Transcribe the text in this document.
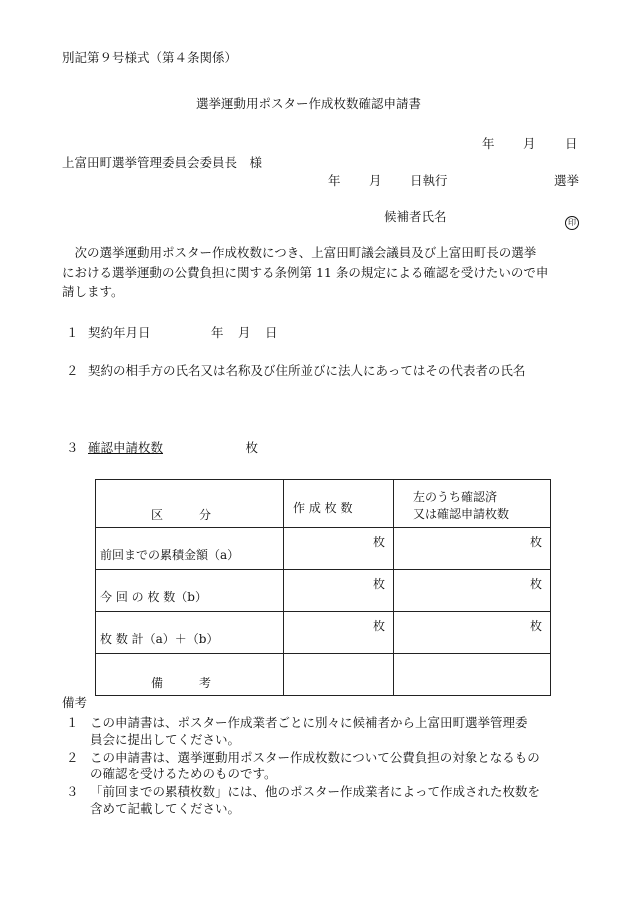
別記第９号様式（第４条関係）
選挙運動用ポスター作成枚数確認申請書
年 月 日
上富田町選挙管理委員会委員長　様
年 月 日執行	選挙
候補者氏名	印
　次の選挙運動用ポスター作成枚数につき、上富田町議会議員及び上富田町長の選挙
における選挙運動の公費負担に関する条例第 11 条の規定による確認を受けたいので申
請します。
１ 契約年月日	年 月 日
２ 契約の相手方の氏名又は名称及び住所並びに法人にあってはその代表者の氏名
３ 確認申請枚数	枚
区　　　分	作 成 枚 数	左のうち確認済
又は確認申請枚数

前回までの累積金額（a）	枚	枚

今 回 の 枚 数（b）	枚	枚

枚 数 計（a）＋（b）	枚	枚

備　　　考		

備考
１ この申請書は、ポスター作成業者ごとに別々に候補者から上富田町選挙管理委
員会に提出してください。
２ この申請書は、選挙運動用ポスター作成枚数について公費負担の対象となるもの
の確認を受けるためのものです。
３ 「前回までの累積枚数」には、他のポスター作成業者によって作成された枚数を
含めて記載してください。
